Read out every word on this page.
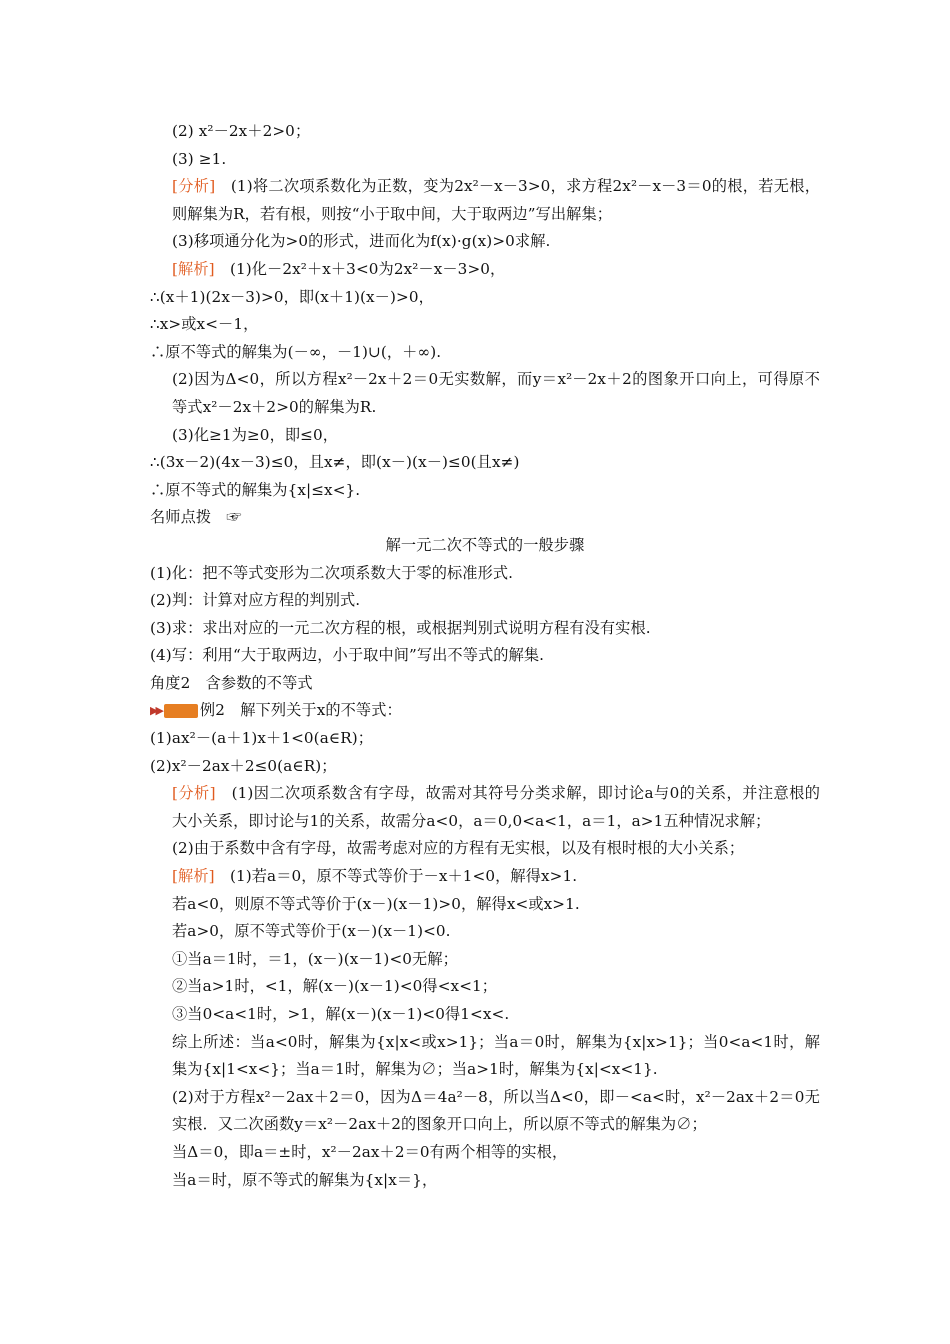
(2) x²－2x＋2>0；
(3) ≥1.
[分析]　 (1)将二次项系数化为正数，变为2x²－x－3>0，求方程2x²－x－3＝0的根，若无根，则解集为R，若有根，则按“小于取中间，大于取两边”写出解集；
(3)移项通分化为>0的形式，进而化为f(x)·g(x)>0求解.
[解析]　 (1)化－2x²＋x＋3<0为2x²－x－3>0，
∴(x＋1)(2x－3)>0，即(x＋1)(x－)>0，
∴x>或x<－1，
∴原不等式的解集为(－∞，－1)∪(，＋∞).
(2)因为Δ<0，所以方程x²－2x＋2＝0无实数解，而y＝x²－2x＋2的图象开口向上，可得原不等式x²－2x＋2>0的解集为R.
(3)化≥1为≥0，即≤0，
∴(3x－2)(4x－3)≤0，且x≠，即(x－)(x－)≤0(且x≠)
∴原不等式的解集为{x|≤x<}.
名师点拨　☞
解一元二次不等式的一般步骤
(1)化：把不等式变形为二次项系数大于零的标准形式.
(2)判：计算对应方程的判别式.
(3)求：求出对应的一元二次方程的根，或根据判别式说明方程有没有实根.
(4)写：利用“大于取两边，小于取中间”写出不等式的解集.
角度2　含参数的不等式
▶▶	例2　解下列关于x的不等式：
(1)ax²－(a＋1)x＋1<0(a∈R)；
(2)x²－2ax＋2≤0(a∈R)；
[分析]　 (1)因二次项系数含有字母，故需对其符号分类求解，即讨论a与0的关系，并注意根的大小关系，即讨论与1的关系，故需分a<0，a＝0,0<a<1，a＝1，a>1五种情况求解；
(2)由于系数中含有字母，故需考虑对应的方程有无实根，以及有根时根的大小关系；
[解析]　 (1)若a＝0，原不等式等价于－x＋1<0，解得x>1.
若a<0，则原不等式等价于(x－)(x－1)>0，解得x<或x>1.
若a>0，原不等式等价于(x－)(x－1)<0.
①当a＝1时，＝1，(x－)(x－1)<0无解；
②当a>1时，<1，解(x－)(x－1)<0得<x<1；
③当0<a<1时，>1，解(x－)(x－1)<0得1<x<.
综上所述：当a<0时，解集为{x|x<或x>1}；当a＝0时，解集为{x|x>1}；当0<a<1时，解集为{x|1<x<}；当a＝1时，解集为∅；当a>1时，解集为{x|<x<1}.
(2)对于方程x²－2ax＋2＝0，因为Δ＝4a²－8，所以当Δ<0，即－<a<时，x²－2ax＋2＝0无实根．又二次函数y＝x²－2ax＋2的图象开口向上，所以原不等式的解集为∅；
当Δ＝0，即a＝±时，x²－2ax＋2＝0有两个相等的实根，
当a＝时，原不等式的解集为{x|x＝}，
